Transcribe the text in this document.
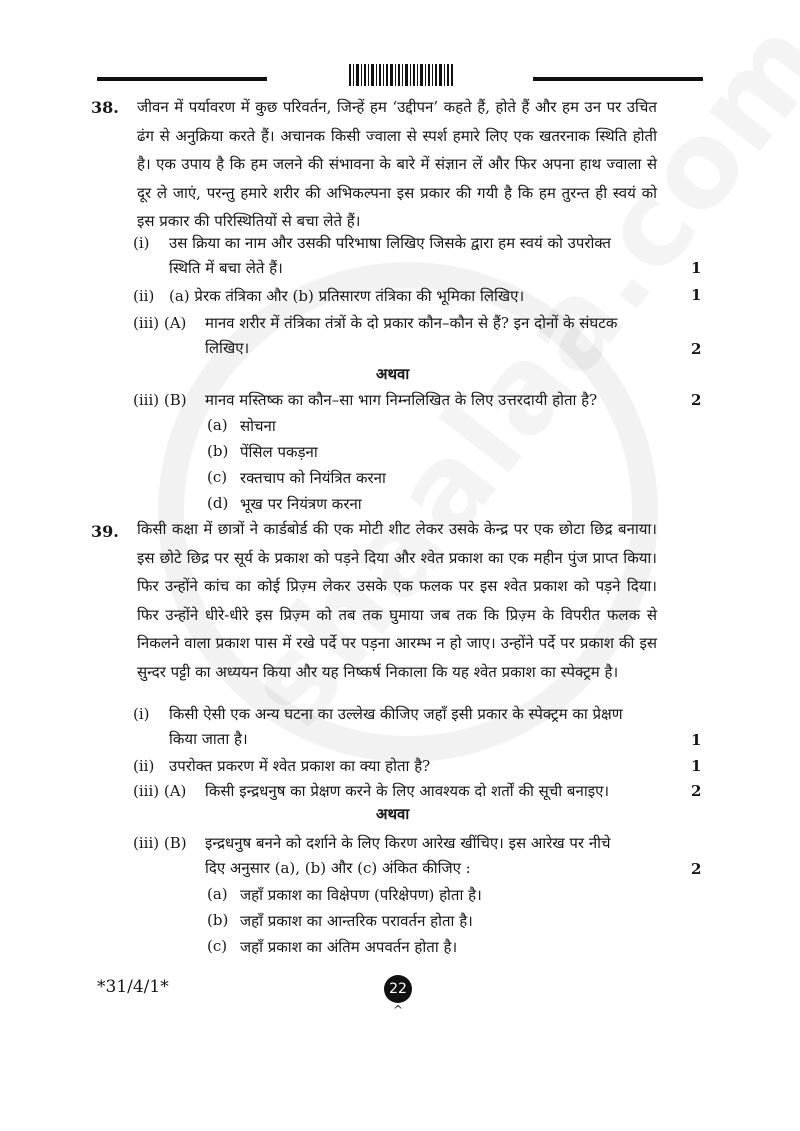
38. जीवन में पर्यावरण में कुछ परिवर्तन, जिन्हें हम ‘उद्दीपन’ कहते हैं, होते हैं और हम उन पर उचित ढंग से अनुक्रिया करते हैं। अचानक किसी ज्वाला से स्पर्श हमारे लिए एक खतरनाक स्थिति होती है। एक उपाय है कि हम जलने की संभावना के बारे में संज्ञान लें और फिर अपना हाथ ज्वाला से दूर ले जाएं, परन्तु हमारे शरीर की अभिकल्पना इस प्रकार की गयी है कि हम तुरन्त ही स्वयं को इस प्रकार की परिस्थितियों से बचा लेते हैं।
(i) उस क्रिया का नाम और उसकी परिभाषा लिखिए जिसके द्वारा हम स्वयं को उपरोक्त
स्थिति में बचा लेते हैं।	1
(ii) (a) प्रेरक तंत्रिका और (b) प्रतिसारण तंत्रिका की भूमिका लिखिए।	1
(iii) (A) मानव शरीर में तंत्रिका तंत्रों के दो प्रकार कौन–कौन से हैं? इन दोनों के संघटक
लिखिए।	2
अथवा
(iii) (B) मानव मस्तिष्क का कौन–सा भाग निम्नलिखित के लिए उत्तरदायी होता है?	2
(a) सोचना
(b) पेंसिल पकड़ना
(c) रक्तचाप को नियंत्रित करना
(d) भूख पर नियंत्रण करना
39. किसी कक्षा में छात्रों ने कार्डबोर्ड की एक मोटी शीट लेकर उसके केन्द्र पर एक छोटा छिद्र बनाया। इस छोटे छिद्र पर सूर्य के प्रकाश को पड़ने दिया और श्वेत प्रकाश का एक महीन पुंज प्राप्त किया। फिर उन्होंने कांच का कोई प्रिज़्म लेकर उसके एक फलक पर इस श्वेत प्रकाश को पड़ने दिया। फिर उन्होंने धीरे-धीरे इस प्रिज़्म को तब तक घुमाया जब तक कि प्रिज़्म के विपरीत फलक से निकलने वाला प्रकाश पास में रखे पर्दे पर पड़ना आरम्भ न हो जाए। उन्होंने पर्दे पर प्रकाश की इस सुन्दर पट्टी का अध्ययन किया और यह निष्कर्ष निकाला कि यह श्वेत प्रकाश का स्पेक्ट्रम है।
(i) किसी ऐसी एक अन्य घटना का उल्लेख कीजिए जहाँ इसी प्रकार के स्पेक्ट्रम का प्रेक्षण
किया जाता है।	1
(ii) उपरोक्त प्रकरण में श्वेत प्रकाश का क्या होता है?	1
(iii) (A) किसी इन्द्रधनुष का प्रेक्षण करने के लिए आवश्यक दो शर्तों की सूची बनाइए।	2
अथवा
(iii) (B) इन्द्रधनुष बनने को दर्शाने के लिए किरण आरेख खींचिए। इस आरेख पर नीचे
दिए अनुसार (a), (b) और (c) अंकित कीजिए :	2
(a) जहाँ प्रकाश का विक्षेपण (परिक्षेपण) होता है।
(b) जहाँ प्रकाश का आन्तरिक परावर्तन होता है।
(c) जहाँ प्रकाश का अंतिम अपवर्तन होता है।
*31/4/1*	22
^
